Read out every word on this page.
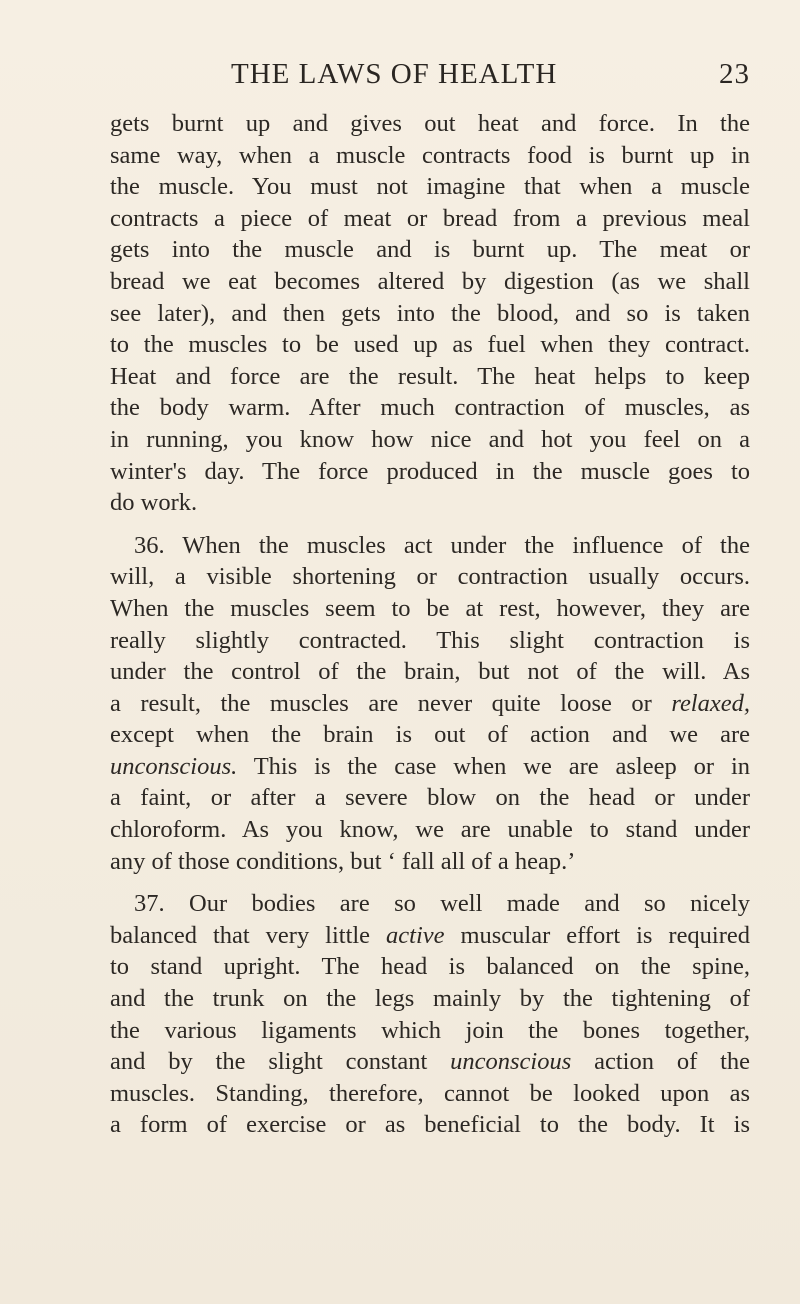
THE LAWS OF HEALTH	23
gets burnt up and gives out heat and force. In the
same way, when a muscle contracts food is burnt up in
the muscle. You must not imagine that when a muscle
contracts a piece of meat or bread from a previous meal
gets into the muscle and is burnt up. The meat or
bread we eat becomes altered by digestion (as we shall
see later), and then gets into the blood, and so is taken
to the muscles to be used up as fuel when they contract.
Heat and force are the result. The heat helps to keep
the body warm. After much contraction of muscles, as
in running, you know how nice and hot you feel on a
winter's day. The force produced in the muscle goes to
do work.
36. When the muscles act under the influence of the
will, a visible shortening or contraction usually occurs.
When the muscles seem to be at rest, however, they are
really slightly contracted. This slight contraction is
under the control of the brain, but not of the will. As
a result, the muscles are never quite loose or relaxed,
except when the brain is out of action and we are
unconscious. This is the case when we are asleep or in
a faint, or after a severe blow on the head or under
chloroform. As you know, we are unable to stand under
any of those conditions, but ‘ fall all of a heap.’
37. Our bodies are so well made and so nicely
balanced that very little active muscular effort is required
to stand upright. The head is balanced on the spine,
and the trunk on the legs mainly by the tightening of
the various ligaments which join the bones together,
and by the slight constant unconscious action of the
muscles. Standing, therefore, cannot be looked upon as
a form of exercise or as beneficial to the body. It is
